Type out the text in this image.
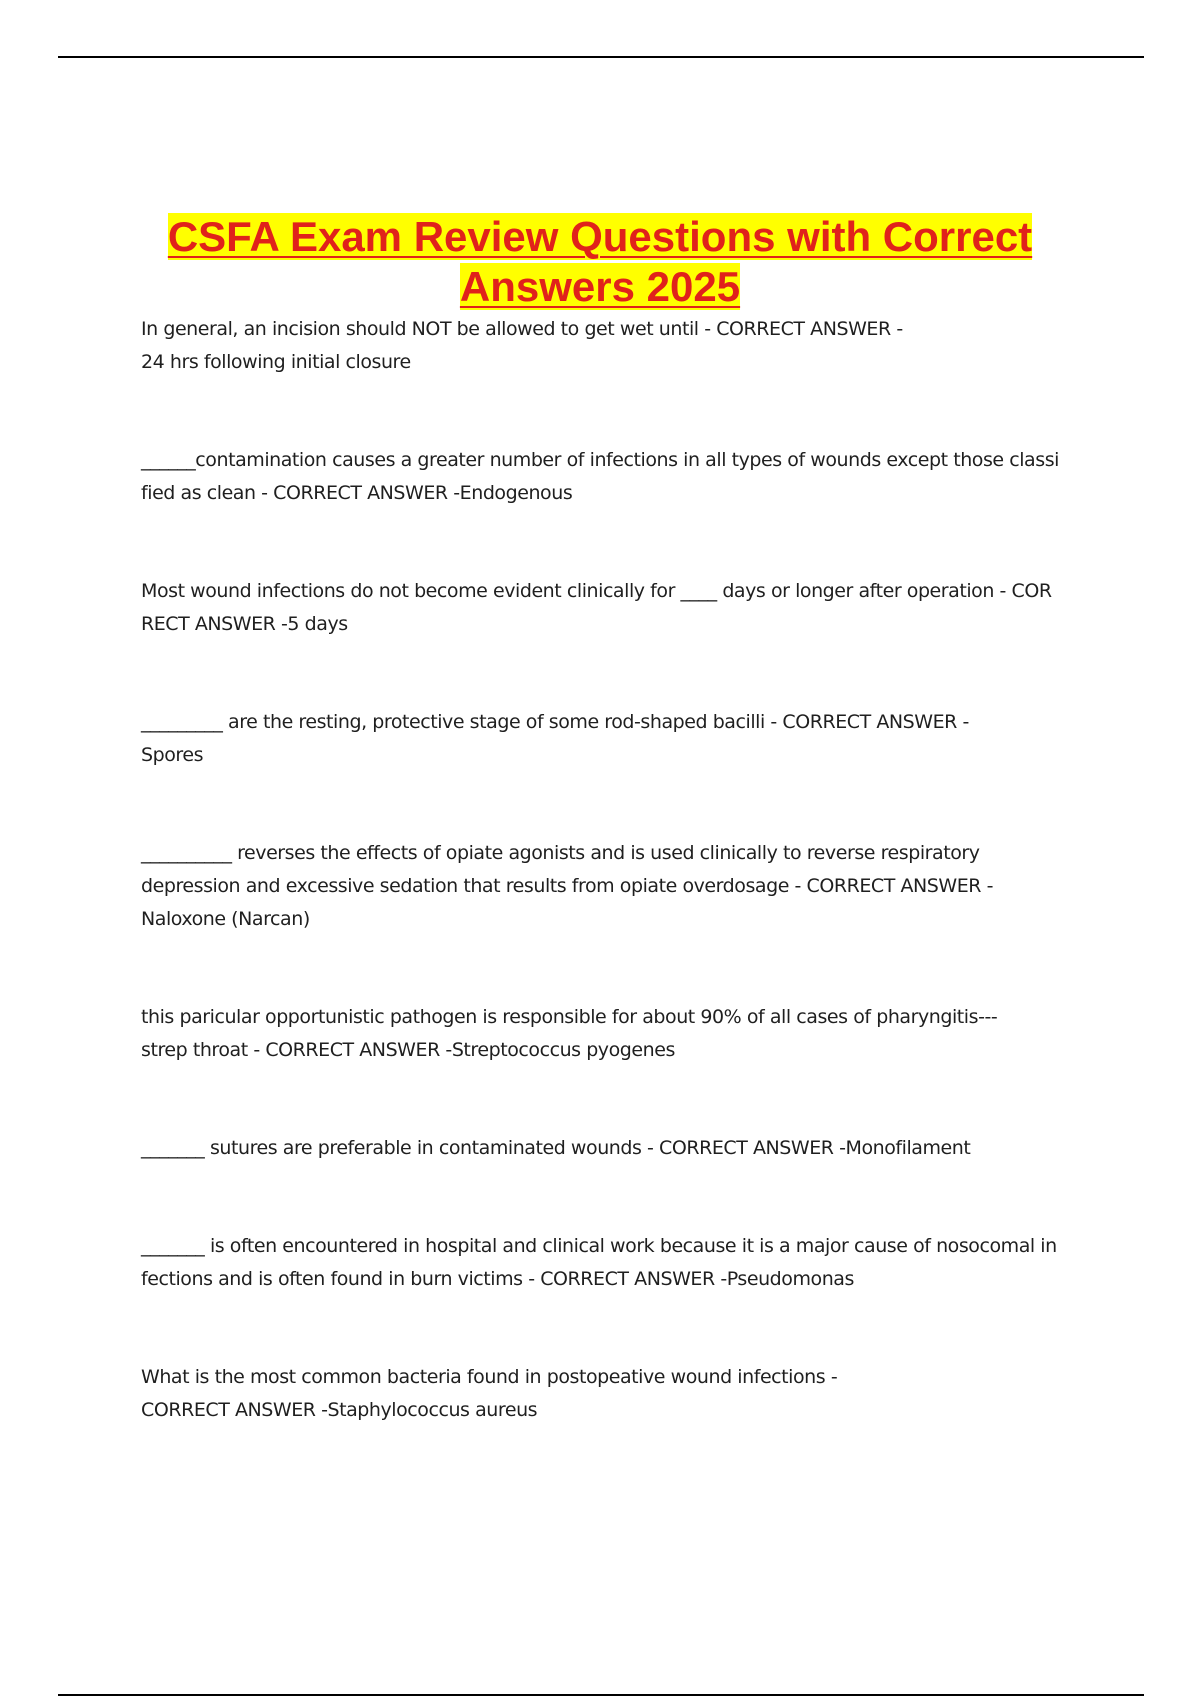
CSFA Exam Review Questions with Correct Answers 2025

In general, an incision should NOT be allowed to get wet until - CORRECT ANSWER -
24 hrs following initial closure

______contamination causes a greater number of infections in all types of wounds except those classified as clean - CORRECT ANSWER -Endogenous

Most wound infections do not become evident clinically for ____ days or longer after operation - CORRECT ANSWER -5 days

_________ are the resting, protective stage of some rod-shaped bacilli - CORRECT ANSWER -
Spores

__________ reverses the effects of opiate agonists and is used clinically to reverse respiratory
depression and excessive sedation that results from opiate overdosage - CORRECT ANSWER -
Naloxone (Narcan)

this paricular opportunistic pathogen is responsible for about 90% of all cases of pharyngitis---
strep throat - CORRECT ANSWER -Streptococcus pyogenes

_______ sutures are preferable in contaminated wounds - CORRECT ANSWER -Monofilament

_______ is often encountered in hospital and clinical work because it is a major cause of nosocomal infections and is often found in burn victims - CORRECT ANSWER -Pseudomonas

What is the most common bacteria found in postopeative wound infections -
CORRECT ANSWER -Staphylococcus aureus
